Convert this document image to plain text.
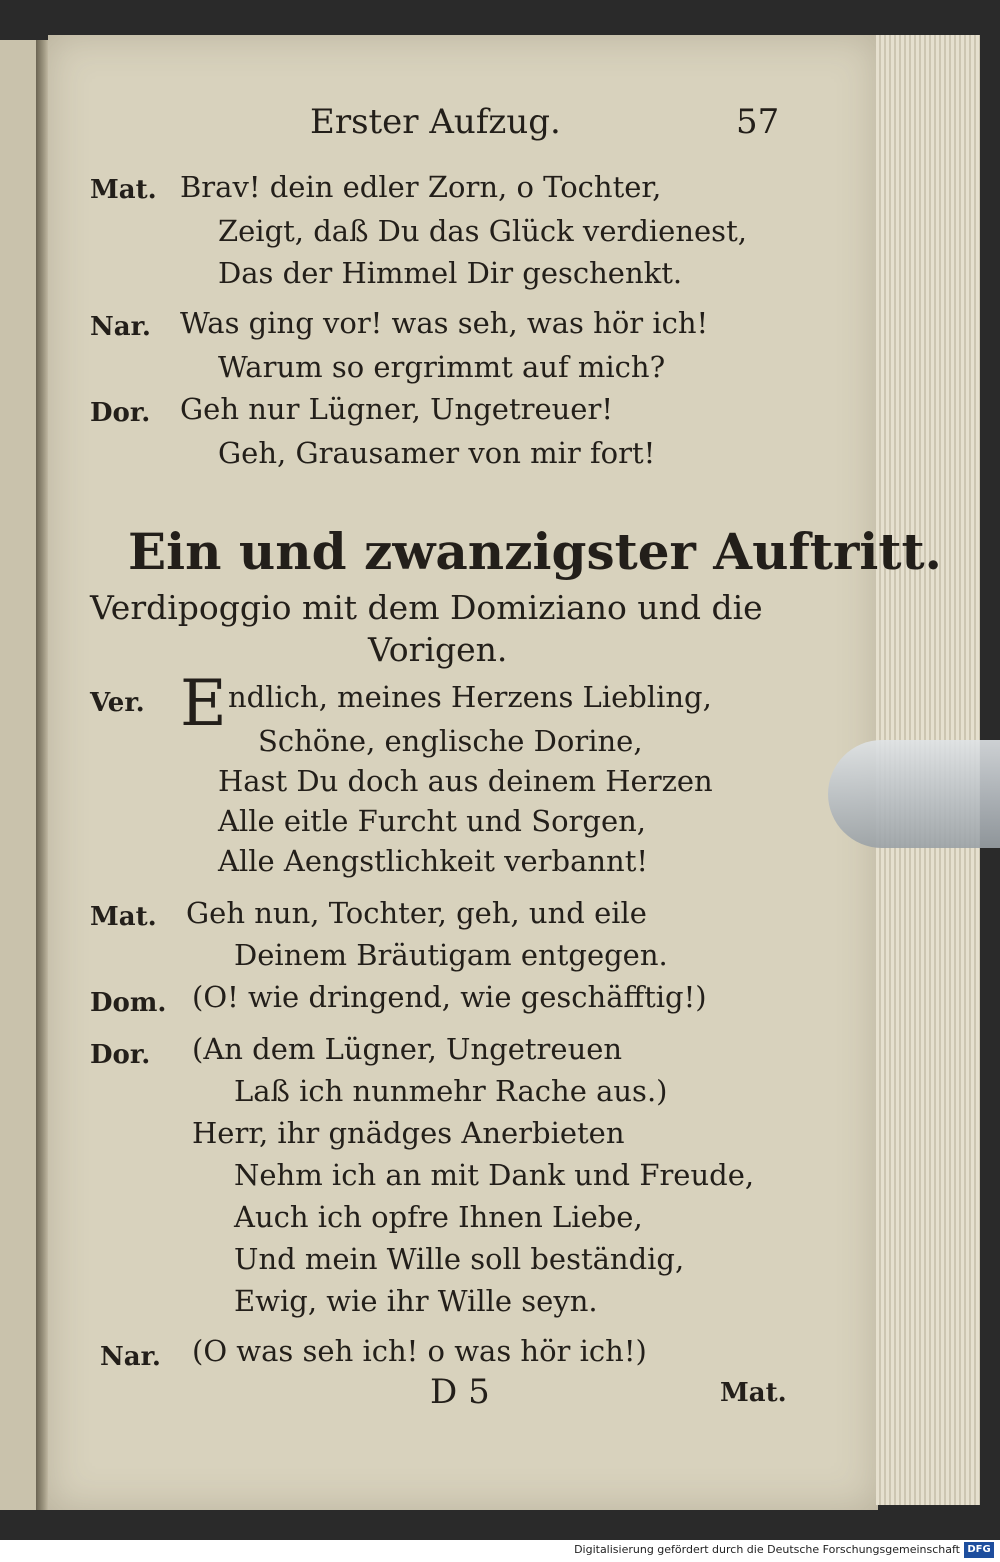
Erster Aufzug.	57
Mat. Brav! dein edler Zorn, o Tochter,
Zeigt, daß Du das Glück verdienest,
Das der Himmel Dir geschenkt.
Nar. Was ging vor! was seh, was hör ich!
Warum so ergrimmt auf mich?
Dor. Geh nur Lügner, Ungetreuer!
Geh, Grausamer von mir fort!
Ein und zwanzigster Auftritt.
Verdipoggio mit dem Domiziano und die
Vorigen.
Ver. E ndlich, meines Herzens Liebling,
Schöne, englische Dorine,
Hast Du doch aus deinem Herzen
Alle eitle Furcht und Sorgen,
Alle Aengstlichkeit verbannt!
Mat. Geh nun, Tochter, geh, und eile
Deinem Bräutigam entgegen.
Dom. (O! wie dringend, wie geschäfftig!)
Dor. (An dem Lügner, Ungetreuen
Laß ich nunmehr Rache aus.)
Herr, ihr gnädges Anerbieten
Nehm ich an mit Dank und Freude,
Auch ich opfre Ihnen Liebe,
Und mein Wille soll beständig,
Ewig, wie ihr Wille seyn.
Nar. (O was seh ich! o was hör ich!)
D 5	Mat.
Digitalisierung gefördert durch die Deutsche Forschungsgemeinschaft DFG
